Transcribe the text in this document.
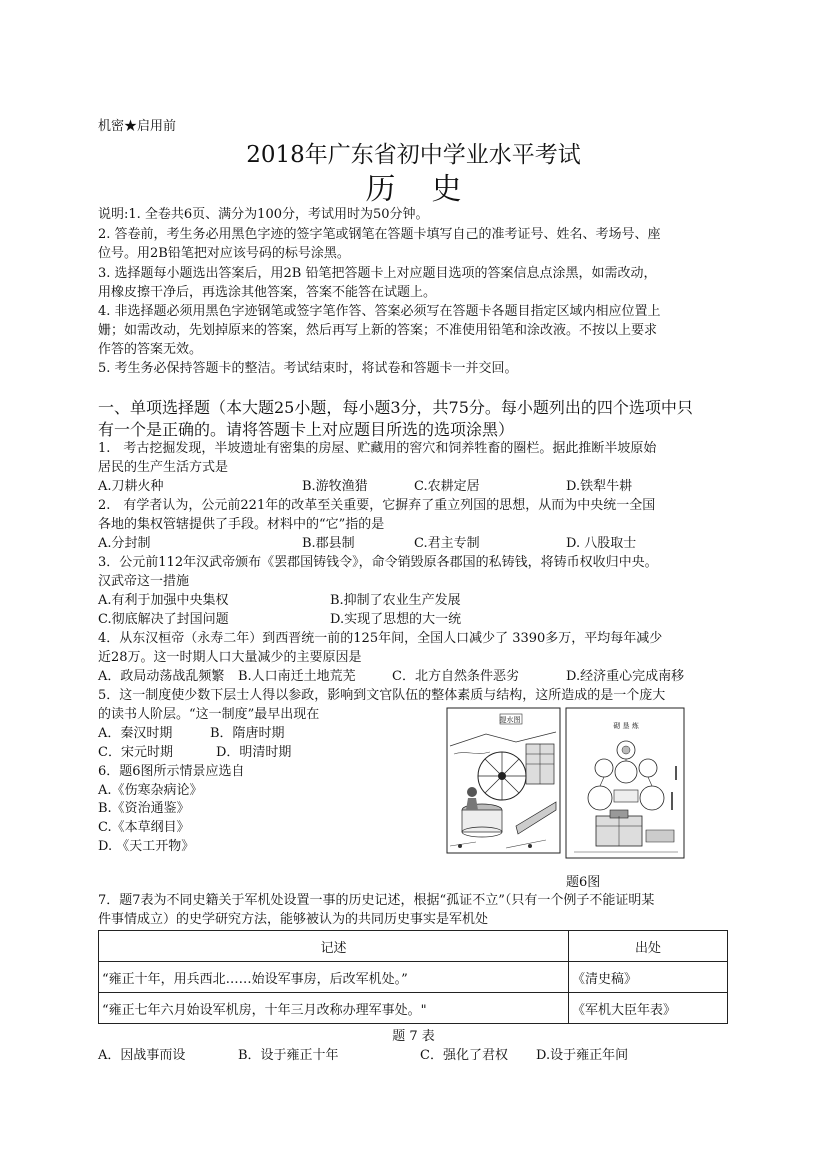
机密★启用前
2018年广东省初中学业水平考试
历史
说明:1. 全卷共6页、满分为100分，考试用时为50分钟。
2. 答卷前，考生务必用黑色字迹的签字笔或钢笔在答题卡填写自己的准考证号、姓名、考场号、座
位号。用2B铅笔把对应该号码的标号涂黑。
3. 选择题每小题选出答案后，用2B 铅笔把答题卡上对应题目选项的答案信息点涂黑，如需改动，
用橡皮擦干净后，再选涂其他答案，答案不能答在试题上。
4. 非选择题必须用黑色字迹钢笔或签字笔作答、答案必须写在答题卡各题目指定区域内相应位置上
姗；如需改动，先划掉原来的答案，然后再写上新的答案；不准使用铅笔和涂改液。不按以上要求
作答的答案无效。
5. 考生务必保持答题卡的整洁。考试结束时，将试卷和答题卡一并交回。
一、单项选择题（本大题25小题，每小题3分，共75分。每小题列出的四个选项中只
有一个是正确的。请将答题卡上对应题目所选的选项涂黑）
1.　考古挖掘发现，半坡遗址有密集的房屋、贮藏用的窖穴和饲养牲畜的圈栏。据此推断半坡原始
居民的生产生活方式是
A.刀耕火种	B.游牧渔猎	C.农耕定居	D.铁犁牛耕
2.　有学者认为，公元前221年的改革至关重要，它摒弃了重立列国的思想，从而为中央统一全国
各地的集权管辖提供了手段。材料中的“它”指的是
A.分封制	B.郡县制	C.君主专制	D. 八股取士
3．公元前112年汉武帝颁布《罢郡国铸钱令》，命令销毁原各郡国的私铸钱，将铸币权收归中央。
汉武帝这一措施
A.有利于加强中央集权	B.抑制了农业生产发展
C.彻底解决了封国问题	D.实现了思想的大一统
4．从东汉桓帝（永寿二年）到西晋统一前的125年间，全国人口减少了 3390多万，平均每年减少
近28万。这一时期人口大量减少的主要原因是
A．政局动荡战乱频繁 B.人口南迁土地荒芜	C．北方自然条件恶劣	D.经济重心完成南移
5．这一制度使少数下层士人得以参政，影响到文官队伍的整体素质与结构，这所造成的是一个庞大
的读书人阶层。“这一制度”最早出现在
A．秦汉时期	B．隋唐时期
C．宋元时期	D．明清时期
6．题6图所示情景应选自
A.《伤寒杂病论》
B.《资治通鉴》
C.《本草纲目》
D. 《天工开物》
提水图
砌 垦 炼
题6图
7．题7表为不同史籍关于军机处设置一事的历史记述，根据“孤证不立”（只有一个例子不能证明某
件事情成立）的史学研究方法，能够被认为的共同历史事实是军机处
记述	出处
“雍正十年，用兵西北……始设军事房，后改军机处。”	《清史稿》
“雍正七年六月始设军机房，十年三月改称办理军事处。"	《军机大臣年表》
题 7 表
A．因战事而设	B．设于雍正十年	C．强化了君权 D.设于雍正年间
